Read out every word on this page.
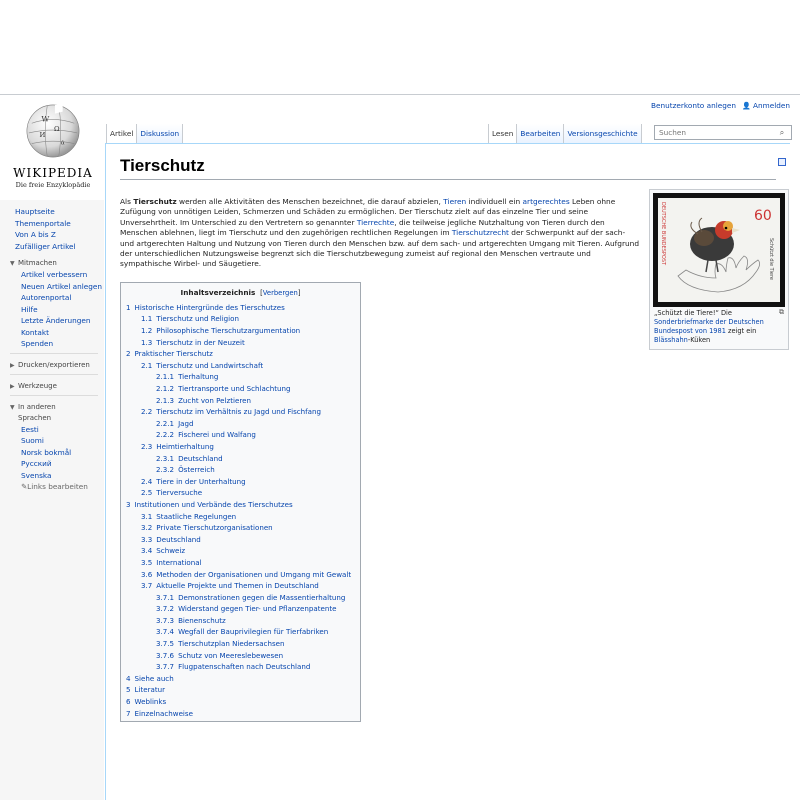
W
Ω
И
ά
WIKIPEDIA
Die freie Enzyklopädie
Benutzerkonto anlegen 👤 Anmelden
Artikel Diskussion	Lesen Bearbeiten Versionsgeschichte
Suchen	⌕
Hauptseite
Themenportale
Von A bis Z
Zufälliger Artikel
▼ Mitmachen
Artikel verbessern
Neuen Artikel anlegen
Autorenportal
Hilfe
Letzte Änderungen
Kontakt
Spenden
▶ Drucken/exportieren
▶ Werkzeuge
▼ In anderen Sprachen
Eesti
Suomi
Norsk bokmål
Русский
Svenska
✎Links bearbeiten
Tierschutz
DEUTSCHE BUNDESPOST	60
Schützt die Tiere
⧉
„Schützt die Tiere!“ Die Sonderbriefmarke der Deutschen Bundespost von 1981 zeigt ein Blässhahn-Küken

Als Tierschutz werden alle Aktivitäten des Menschen bezeichnet, die darauf abzielen, Tieren individuell ein artgerechtes Leben ohne Zufügung von unnötigen Leiden, Schmerzen und Schäden zu ermöglichen. Der Tierschutz zielt auf das einzelne Tier und seine Unversehrtheit. Im Unterschied zu den Vertretern so genannter Tierrechte, die teilweise jegliche Nutzhaltung von Tieren durch den Menschen ablehnen, liegt im Tierschutz und den zugehörigen rechtlichen Regelungen im Tierschutzrecht der Schwerpunkt auf der sach- und artgerechten Haltung und Nutzung von Tieren durch den Menschen bzw. auf dem sach- und artgerechten Umgang mit Tieren. Aufgrund der unterschiedlichen Nutzungsweise begrenzt sich die Tierschutzbewegung zumeist auf regional den Menschen vertraute und sympathische Wirbel- und Säugetiere.

Inhaltsverzeichnis  [Verbergen]
1 Historische Hintergründe des Tierschutzes
1.1 Tierschutz und Religion
1.2 Philosophische Tierschutzargumentation
1.3 Tierschutz in der Neuzeit
2 Praktischer Tierschutz
2.1 Tierschutz und Landwirtschaft
2.1.1 Tierhaltung
2.1.2 Tiertransporte und Schlachtung
2.1.3 Zucht von Pelztieren
2.2 Tierschutz im Verhältnis zu Jagd und Fischfang
2.2.1 Jagd
2.2.2 Fischerei und Walfang
2.3 Heimtierhaltung
2.3.1 Deutschland
2.3.2 Österreich
2.4 Tiere in der Unterhaltung
2.5 Tierversuche
3 Institutionen und Verbände des Tierschutzes
3.1 Staatliche Regelungen
3.2 Private Tierschutzorganisationen
3.3 Deutschland
3.4 Schweiz
3.5 International
3.6 Methoden der Organisationen und Umgang mit Gewalt
3.7 Aktuelle Projekte und Themen in Deutschland
3.7.1 Demonstrationen gegen die Massentierhaltung
3.7.2 Widerstand gegen Tier- und Pflanzenpatente
3.7.3 Bienenschutz
3.7.4 Wegfall der Bauprivilegien für Tierfabriken
3.7.5 Tierschutzplan Niedersachsen
3.7.6 Schutz von Meereslebewesen
3.7.7 Flugpatenschaften nach Deutschland
4 Siehe auch
5 Literatur
6 Weblinks
7 Einzelnachweise
